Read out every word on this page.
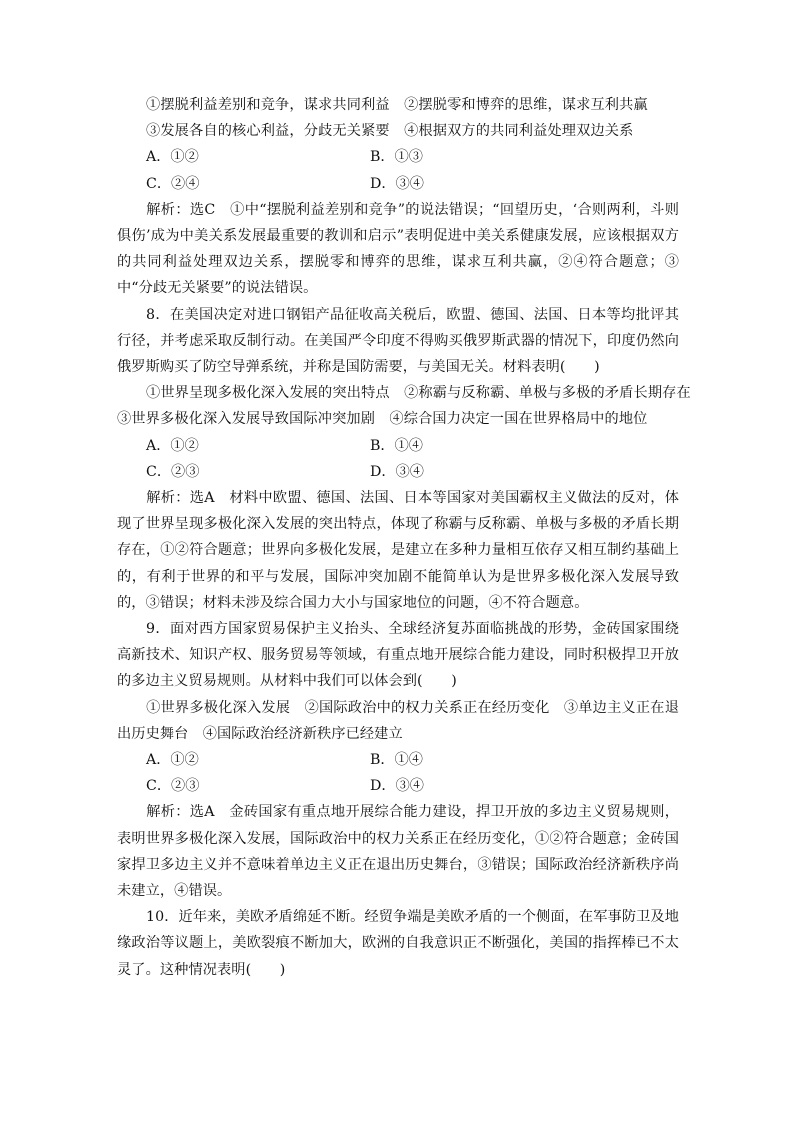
①摆脱利益差别和竞争，谋求共同利益　②摆脱零和博弈的思维，谋求互利共赢
③发展各自的核心利益，分歧无关紧要　④根据双方的共同利益处理双边关系
A．①②	B．①③
C．②④	D．③④
解析：选C　①中“摆脱利益差别和竞争”的说法错误；“回望历史，‘合则两利，斗则俱伤’成为中美关系发展最重要的教训和启示”表明促进中美关系健康发展，应该根据双方的共同利益处理双边关系，摆脱零和博弈的思维，谋求互利共赢，②④符合题意；③中“分歧无关紧要”的说法错误。
8．在美国决定对进口钢铝产品征收高关税后，欧盟、德国、法国、日本等均批评其行径，并考虑采取反制行动。在美国严令印度不得购买俄罗斯武器的情况下，印度仍然向俄罗斯购买了防空导弹系统，并称是国防需要，与美国无关。材料表明(　　)
①世界呈现多极化深入发展的突出特点　②称霸与反称霸、单极与多极的矛盾长期存在
③世界多极化深入发展导致国际冲突加剧　④综合国力决定一国在世界格局中的地位
A．①②	B．①④
C．②③	D．③④
解析：选A　材料中欧盟、德国、法国、日本等国家对美国霸权主义做法的反对，体现了世界呈现多极化深入发展的突出特点，体现了称霸与反称霸、单极与多极的矛盾长期存在，①②符合题意；世界向多极化发展，是建立在多种力量相互依存又相互制约基础上的，有利于世界的和平与发展，国际冲突加剧不能简单认为是世界多极化深入发展导致的，③错误；材料未涉及综合国力大小与国家地位的问题，④不符合题意。
9．面对西方国家贸易保护主义抬头、全球经济复苏面临挑战的形势，金砖国家围绕高新技术、知识产权、服务贸易等领域，有重点地开展综合能力建设，同时积极捍卫开放的多边主义贸易规则。从材料中我们可以体会到(　　)
①世界多极化深入发展　②国际政治中的权力关系正在经历变化　③单边主义正在退出历史舞台　④国际政治经济新秩序已经建立
A．①②	B．①④
C．②③	D．③④
解析：选A　金砖国家有重点地开展综合能力建设，捍卫开放的多边主义贸易规则，表明世界多极化深入发展，国际政治中的权力关系正在经历变化，①②符合题意；金砖国家捍卫多边主义并不意味着单边主义正在退出历史舞台，③错误；国际政治经济新秩序尚未建立，④错误。
10．近年来，美欧矛盾绵延不断。经贸争端是美欧矛盾的一个侧面，在军事防卫及地缘政治等议题上，美欧裂痕不断加大，欧洲的自我意识正不断强化，美国的指挥棒已不太灵了。这种情况表明(　　)
